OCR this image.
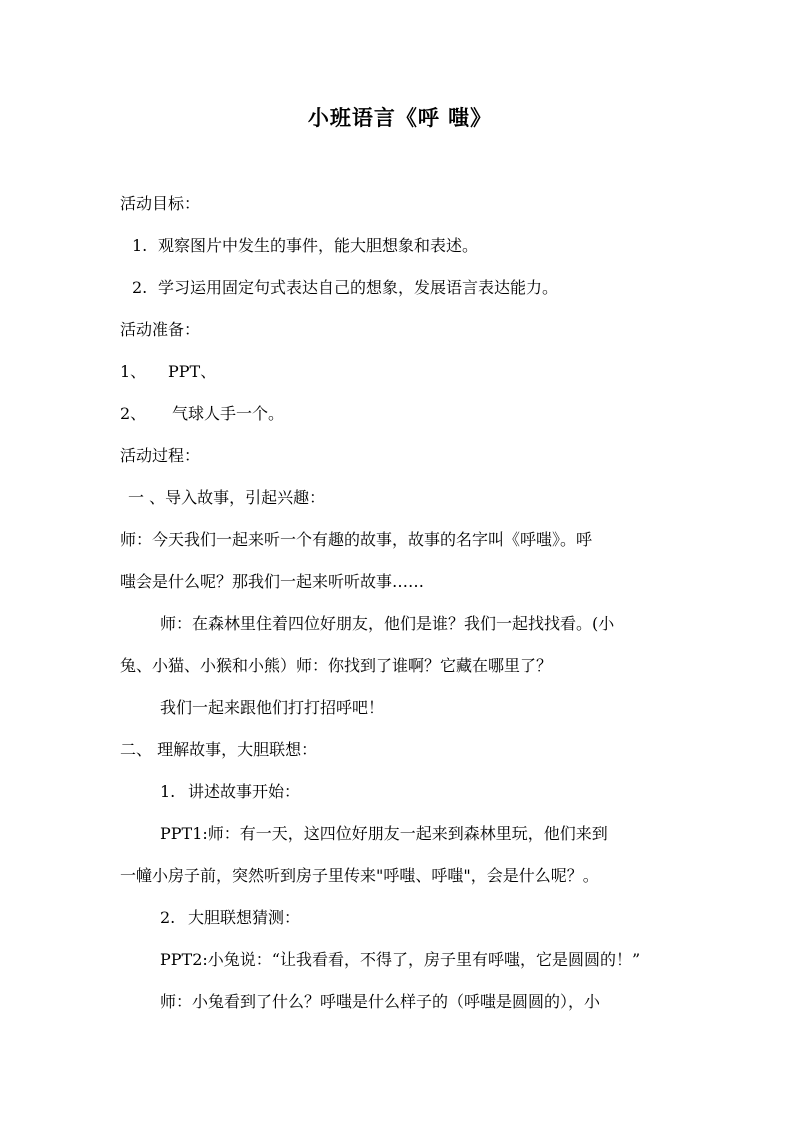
小班语言《呼 嗤》
活动目标：
1. 观察图片中发生的事件，能大胆想象和表述。
2. 学习运用固定句式表达自己的想象，发展语言表达能力。
活动准备：
1、 PPT、
2、 气球人手一个。
活动过程：
一 、导入故事，引起兴趣：
师：今天我们一起来听一个有趣的故事，故事的名字叫《呼嗤》。呼
嗤会是什么呢？那我们一起来听听故事……
师：在森林里住着四位好朋友，他们是谁？我们一起找找看。(小
兔、小猫、小猴和小熊）师：你找到了谁啊？它藏在哪里了？
我们一起来跟他们打打招呼吧！
二、 理解故事，大胆联想：
1. 讲述故事开始：
PPT1:师：有一天，这四位好朋友一起来到森林里玩，他们来到
一幢小房子前，突然听到房子里传来"呼嗤、呼嗤"，会是什么呢？。
2. 大胆联想猜测：
PPT2:小兔说：“让我看看，不得了，房子里有呼嗤，它是圆圆的！”
师：小兔看到了什么？呼嗤是什么样子的（呼嗤是圆圆的），小
